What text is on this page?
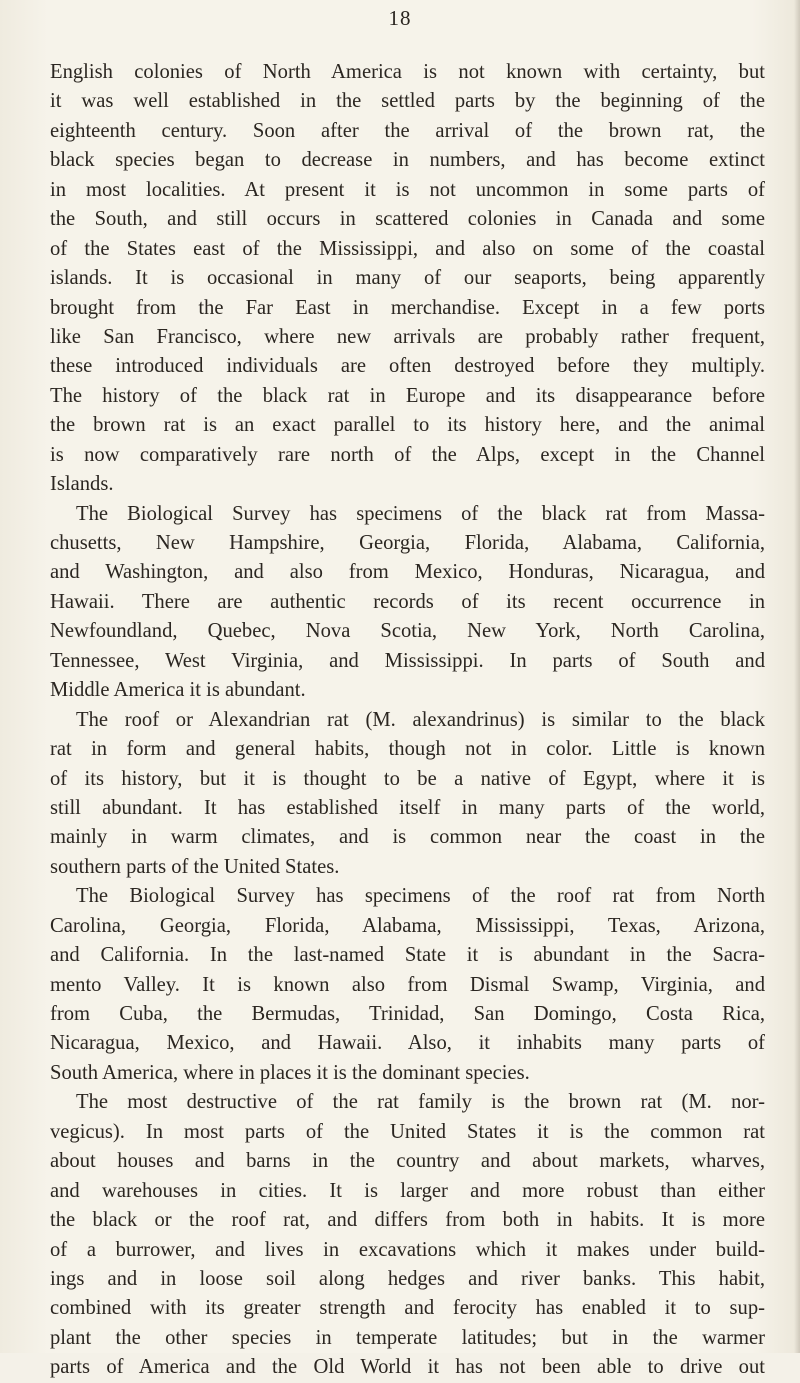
18
English colonies of North America is not known with certainty, but
it was well established in the settled parts by the beginning of the
eighteenth century. Soon after the arrival of the brown rat, the
black species began to decrease in numbers, and has become extinct
in most localities. At present it is not uncommon in some parts of
the South, and still occurs in scattered colonies in Canada and some
of the States east of the Mississippi, and also on some of the coastal
islands. It is occasional in many of our seaports, being apparently
brought from the Far East in merchandise. Except in a few ports
like San Francisco, where new arrivals are probably rather frequent,
these introduced individuals are often destroyed before they multiply.
The history of the black rat in Europe and its disappearance before
the brown rat is an exact parallel to its history here, and the animal
is now comparatively rare north of the Alps, except in the Channel
Islands.
The Biological Survey has specimens of the black rat from Massa-
chusetts, New Hampshire, Georgia, Florida, Alabama, California,
and Washington, and also from Mexico, Honduras, Nicaragua, and
Hawaii. There are authentic records of its recent occurrence in
Newfoundland, Quebec, Nova Scotia, New York, North Carolina,
Tennessee, West Virginia, and Mississippi. In parts of South and
Middle America it is abundant.
The roof or Alexandrian rat (M. alexandrinus) is similar to the black
rat in form and general habits, though not in color. Little is known
of its history, but it is thought to be a native of Egypt, where it is
still abundant. It has established itself in many parts of the world,
mainly in warm climates, and is common near the coast in the
southern parts of the United States.
The Biological Survey has specimens of the roof rat from North
Carolina, Georgia, Florida, Alabama, Mississippi, Texas, Arizona,
and California. In the last-named State it is abundant in the Sacra-
mento Valley. It is known also from Dismal Swamp, Virginia, and
from Cuba, the Bermudas, Trinidad, San Domingo, Costa Rica,
Nicaragua, Mexico, and Hawaii. Also, it inhabits many parts of
South America, where in places it is the dominant species.
The most destructive of the rat family is the brown rat (M. nor-
vegicus). In most parts of the United States it is the common rat
about houses and barns in the country and about markets, wharves,
and warehouses in cities. It is larger and more robust than either
the black or the roof rat, and differs from both in habits. It is more
of a burrower, and lives in excavations which it makes under build-
ings and in loose soil along hedges and river banks. This habit,
combined with its greater strength and ferocity has enabled it to sup-
plant the other species in temperate latitudes; but in the warmer
parts of America and the Old World it has not been able to drive out
